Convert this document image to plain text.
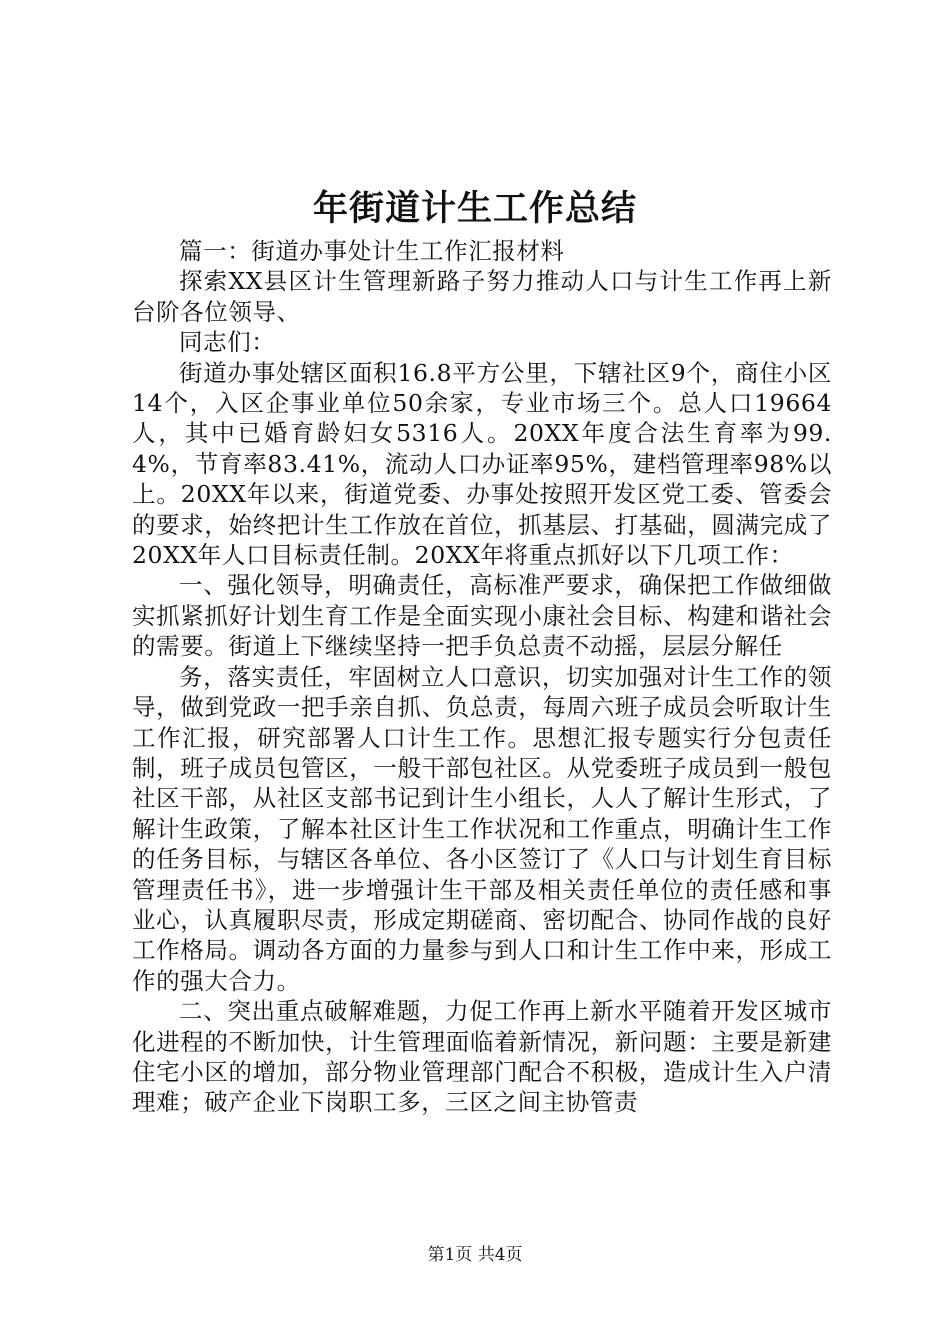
年街道计生工作总结

篇一：街道办事处计生工作汇报材料

探索XX县区计生管理新路子努力推动人口与计生工作再上新台阶各位领导、

同志们：

街道办事处辖区面积16.8平方公里，下辖社区9个，商住小区14个，入区企事业单位50余家，专业市场三个。总人口19664人，其中已婚育龄妇女5316人。20XX年度合法生育率为99.4%，节育率83.41%，流动人口办证率95%，建档管理率98%以上。20XX年以来，街道党委、办事处按照开发区党工委、管委会的要求，始终把计生工作放在首位，抓基层、打基础，圆满完成了20XX年人口目标责任制。20XX年将重点抓好以下几项工作：

一、强化领导，明确责任，高标准严要求，确保把工作做细做实抓紧抓好计划生育工作是全面实现小康社会目标、构建和谐社会的需要。街道上下继续坚持一把手负总责不动摇，层层分解任

务，落实责任，牢固树立人口意识，切实加强对计生工作的领导，做到党政一把手亲自抓、负总责，每周六班子成员会听取计生工作汇报，研究部署人口计生工作。思想汇报专题实行分包责任制，班子成员包管区，一般干部包社区。从党委班子成员到一般包社区干部，从社区支部书记到计生小组长，人人了解计生形式，了解计生政策，了解本社区计生工作状况和工作重点，明确计生工作的任务目标，与辖区各单位、各小区签订了《人口与计划生育目标管理责任书》，进一步增强计生干部及相关责任单位的责任感和事业心，认真履职尽责，形成定期磋商、密切配合、协同作战的良好工作格局。调动各方面的力量参与到人口和计生工作中来，形成工作的强大合力。

二、突出重点破解难题，力促工作再上新水平随着开发区城市化进程的不断加快，计生管理面临着新情况，新问题：主要是新建住宅小区的增加，部分物业管理部门配合不积极，造成计生入户清理难；破产企业下岗职工多，三区之间主协管责

第1页 共4页
